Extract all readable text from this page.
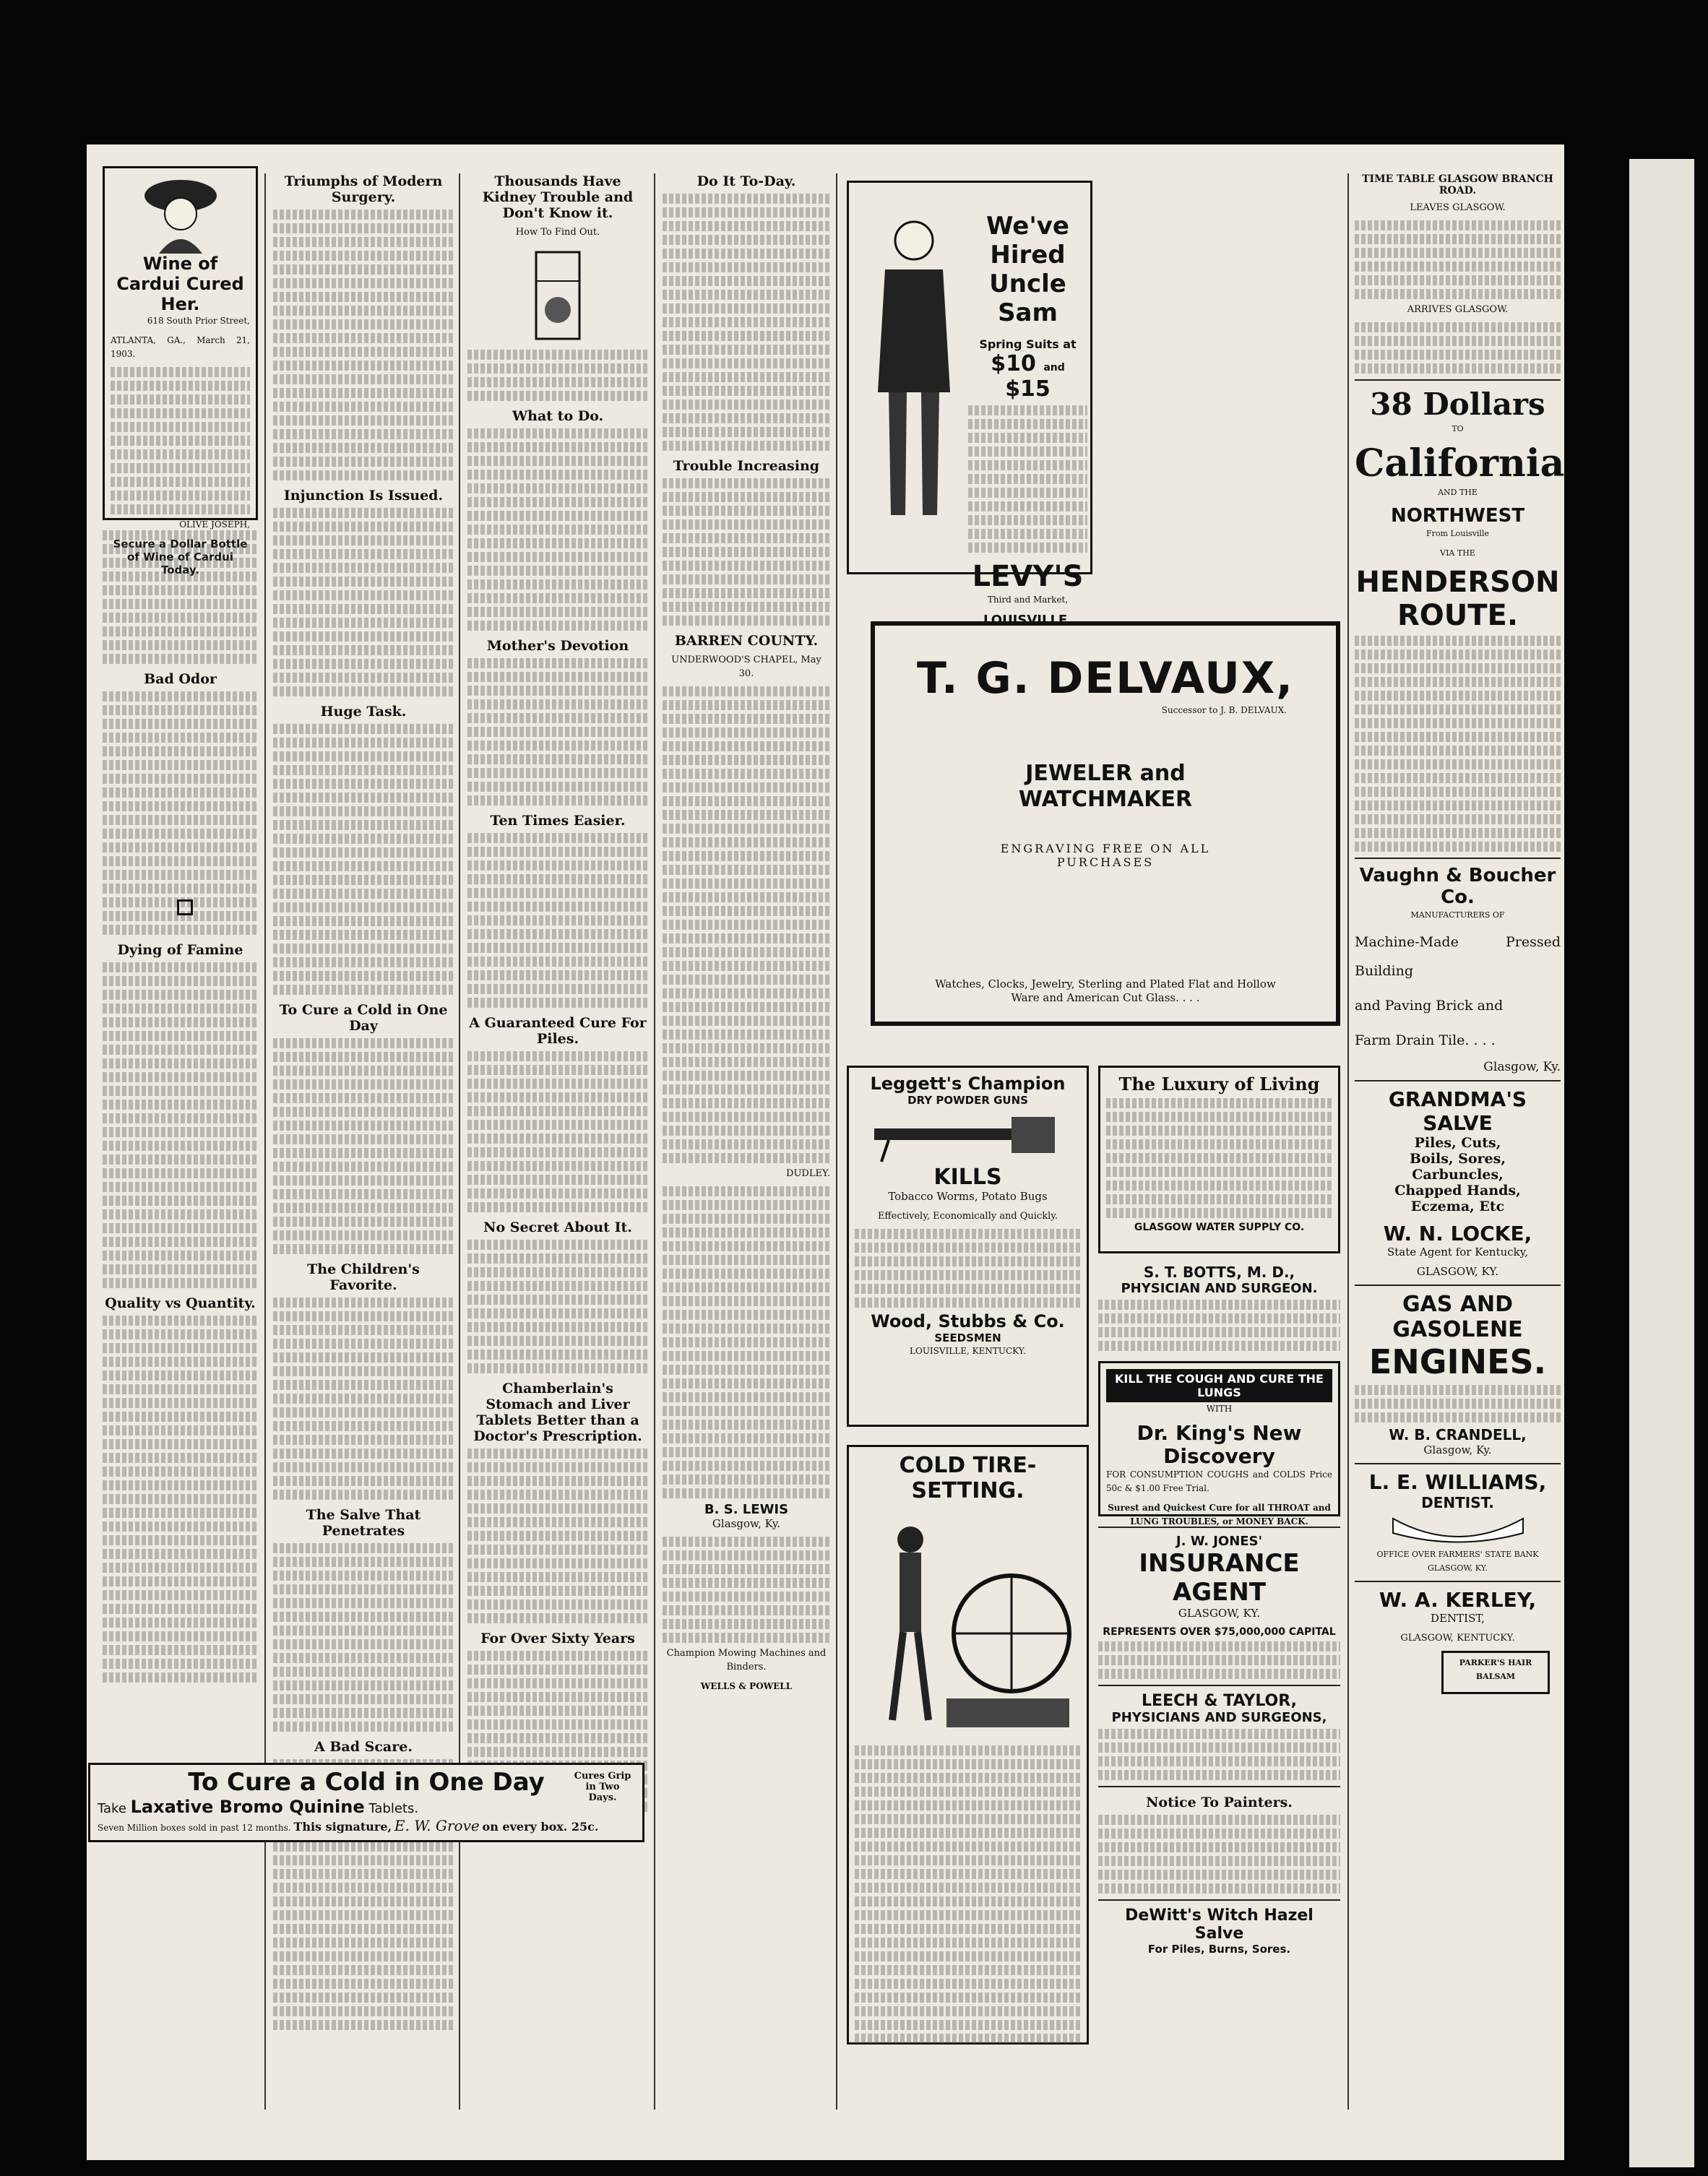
Wine of Cardui Cured Her.
618 South Prior Street,
ATLANTA, GA., March 21, 1903.
OLIVE JOSEPH,
Secure a Dollar Bottle of Wine of Cardui Today.
Bad Odor
Dying of Famine
Quality vs Quantity.
Triumphs of Modern Surgery.
Injunction Is Issued.
Huge Task.
To Cure a Cold in One Day
The Children's Favorite.
The Salve That Penetrates
A Bad Scare.
Thousands Have Kidney Trouble and Don't Know it.
How To Find Out.
What to Do.
Mother's Devotion
Ten Times Easier.
A Guaranteed Cure For Piles.
No Secret About It.
Chamberlain's Stomach and Liver Tablets Better than a Doctor's Prescription.
For Over Sixty Years
Do It To-Day.
Trouble Increasing
BARREN COUNTY.
UNDERWOOD'S CHAPEL, May 30.
DUDLEY.
B. S. LEWIS
Glasgow, Ky.
Champion Mowing Machines and Binders.
WELLS & POWELL
We've Hired Uncle Sam
Spring Suits at
$10 and $15
LEVY'S
Third and Market,
LOUISVILLE.
T. G. DELVAUX,
Successor to J. B. DELVAUX.
JEWELER and WATCHMAKER
ENGRAVING FREE ON ALL PURCHASES
Watches, Clocks, Jewelry, Sterling and Plated Flat and Hollow Ware and American Cut Glass. . . .
Leggett's Champion
DRY POWDER GUNS
KILLS
Tobacco Worms, Potato Bugs
Effectively, Economically and Quickly.
Wood, Stubbs & Co.
SEEDSMEN
LOUISVILLE, KENTUCKY.
COLD TIRE-SETTING.
The Luxury of Living
GLASGOW WATER SUPPLY CO.
S. T. BOTTS, M. D.,
PHYSICIAN AND SURGEON.
KILL THE COUGH AND CURE THE LUNGS
WITH
Dr. King's New Discovery
FOR CONSUMPTION COUGHS and COLDS Price 50c & $1.00 Free Trial.
Surest and Quickest Cure for all THROAT and LUNG TROUBLES, or MONEY BACK.
J. W. JONES'
INSURANCE AGENT
GLASGOW, KY.
REPRESENTS OVER $75,000,000 CAPITAL
LEECH & TAYLOR,
PHYSICIANS AND SURGEONS,
Notice To Painters.
DeWitt's Witch Hazel Salve
For Piles, Burns, Sores.
TIME TABLE GLASGOW BRANCH ROAD.
LEAVES GLASGOW.
ARRIVES GLASGOW.
38 Dollars
TO
California
AND THE
NORTHWEST
From Louisville
VIA THE
HENDERSON
ROUTE.
Vaughn & Boucher Co.
MANUFACTURERS OF
Machine-Made Pressed Building
and Paving Brick and
Farm Drain Tile. . . .
Glasgow, Ky.
GRANDMA'S SALVE
Piles, Cuts,
Boils, Sores,
Carbuncles,
Chapped Hands,
Eczema, Etc
W. N. LOCKE,
State Agent for Kentucky,
GLASGOW, KY.
GAS AND
GASOLENE
ENGINES.
W. B. CRANDELL,
Glasgow, Ky.
L. E. WILLIAMS,
DENTIST.
OFFICE OVER FARMERS' STATE BANK GLASGOW, KY.
W. A. KERLEY,
DENTIST,
GLASGOW, KENTUCKY.
PARKER'S HAIR BALSAM
To Cure a Cold in One Day
Take Laxative Bromo Quinine Tablets.
Seven Million boxes sold in past 12 months. This signature, E. W. Grove on every box. 25c.
Cures Grip in Two Days.
